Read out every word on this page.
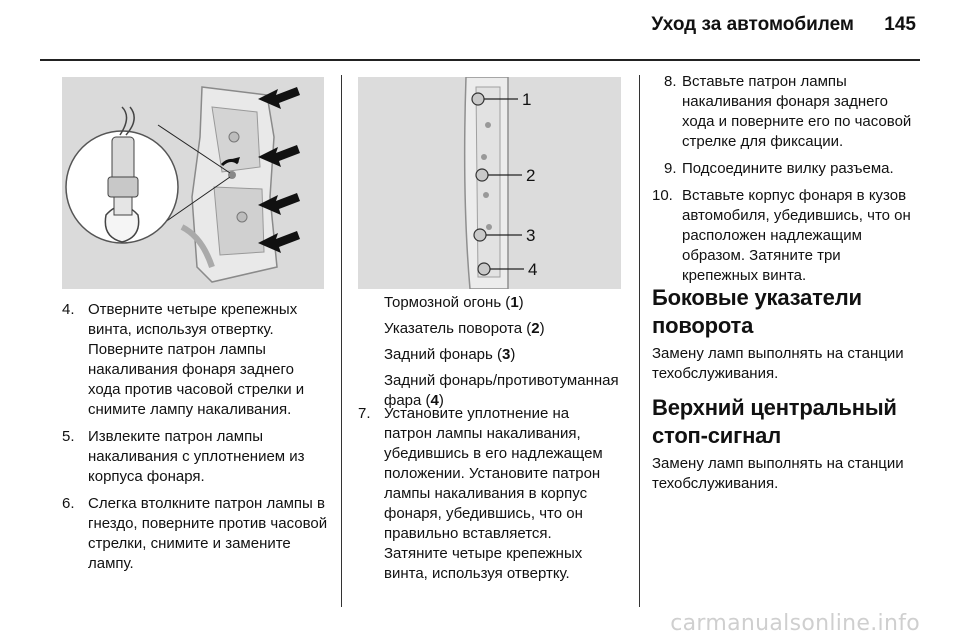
Уход за автомобилем 145
4. Отверните четыре крепежных винта, используя отвертку. Поверните патрон лампы накаливания фонаря заднего хода против часовой стрелки и снимите лампу накаливания.
5. Извлеките патрон лампы накаливания с уплотнением из корпуса фонаря.
6. Слегка втолкните патрон лампы в гнездо, поверните против часовой стрелки, снимите и замените лампу.
1
2
3
4

Тормозной огонь (1)

Указатель поворота (2)

Задний фонарь (3)

Задний фонарь/противотуманная фара (4)

7. Установите уплотнение на патрон лампы накаливания, убедившись в его надлежащем положении. Установите патрон лампы накаливания в корпус фонаря, убедившись, что он правильно вставляется. Затяните четыре крепежных винта, используя отвертку.
8. Вставьте патрон лампы накаливания фонаря заднего хода и поверните его по часовой стрелке для фиксации.
9. Подсоедините вилку разъема.
10. Вставьте корпус фонаря в кузов автомобиля, убедившись, что он расположен надлежащим образом. Затяните три крепежных винта.
Боковые указатели поворота

Замену ламп выполнять на станции техобслуживания.

Верхний центральный стоп-сигнал

Замену ламп выполнять на станции техобслуживания.

carmanualsonline.info
